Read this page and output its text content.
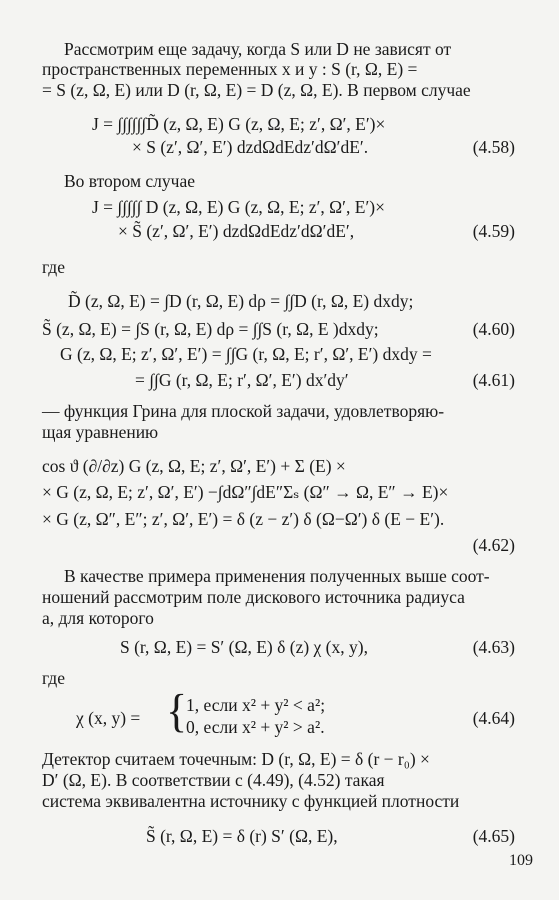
Рассмотрим еще задачу, когда S или D не зависят от
пространственных переменных x и y : S (r, Ω, E) =
= S (z, Ω, E) или D (r, Ω, E) = D (z, Ω, E). В первом случае
J = ∫∫∫∫∫∫D̃ (z, Ω, E) G (z, Ω, E; z′, Ω′, E′)×
× S (z′, Ω′, E′) dzdΩdEdz′dΩ′dE′.	(4.58)
Во втором случае
J = ∫∫∫∫∫ D (z, Ω, E) G (z, Ω, E; z′, Ω′, E′)×
× S̃ (z′, Ω′, E′) dzdΩdEdz′dΩ′dE′,	(4.59)
где
D̃ (z, Ω, E) = ∫D (r, Ω, E) dρ = ∫∫D (r, Ω, E) dxdy;
S̃ (z, Ω, E) = ∫S (r, Ω, E) dρ = ∫∫S (r, Ω, E )dxdy;	(4.60)
G (z, Ω, E; z′, Ω′, E′) = ∫∫G (r, Ω, E; r′, Ω′, E′) dxdy =
= ∫∫G (r, Ω, E; r′, Ω′, E′) dx′dy′	(4.61)
— функция Грина для плоской задачи, удовлетворяю-
щая уравнению
cos ϑ (∂/∂z) G (z, Ω, E; z′, Ω′, E′) + Σ (E) ×
× G (z, Ω, E; z′, Ω′, E′) −∫dΩ″∫dE″Σₛ (Ω″ → Ω, E″ → E)×
× G (z, Ω″, E″; z′, Ω′, E′) = δ (z − z′) δ (Ω−Ω′) δ (E − E′).
(4.62)
В качестве примера применения полученных выше соот-
ношений рассмотрим поле дискового источника радиуса
a, для которого
S (r, Ω, E) = S′ (Ω, E) δ (z) χ (x, y),	(4.63)
где
χ (x, y) = {
1, если x² + y² < a²;
0, если x² + y² > a².	(4.64)
Детектор считаем точечным: D (r, Ω, E) = δ (r − r₀) ×
D′ (Ω, E). В соответствии с (4.49), (4.52) такая
система эквивалентна источнику с функцией плотности
S̃ (r, Ω, E) = δ (r) S′ (Ω, E),	(4.65)
109
